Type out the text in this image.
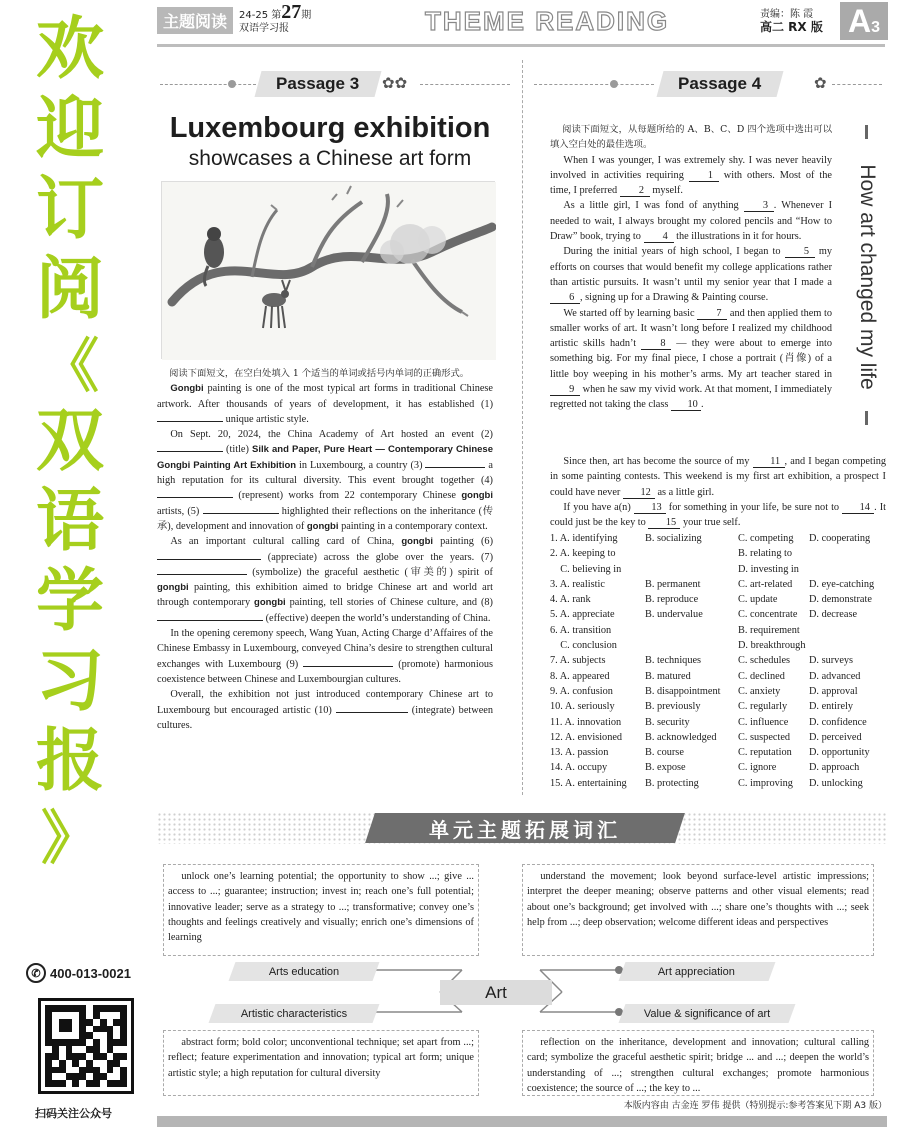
欢
迎
订
阅
《
双
语
学
习
报
》
✆ 400-013-0021
扫码关注公众号
主题阅读	24-25 第27期
双语学习报	THEME READING	责编：陈 霞
高二 RX 版 A 3
Passage 3 ✿✿	Passage 4	✿
Luxembourg exhibition
showcases a Chinese art form

阅读下面短文，在空白处填入 1 个适当的单词或括号内单词的正确形式。

Gongbi painting is one of the most typical art forms in traditional Chinese artwork. After thousands of years of development, it has established (1)  unique artistic style.

On Sept. 20, 2024, the China Academy of Art hosted an event (2)  (title) Silk and Paper, Pure Heart — Contemporary Chinese Gongbi Painting Art Exhibition in Luxembourg, a country (3)	a high reputation for its cultural diversity. This event brought together (4)  (represent) works from 22 contemporary Chinese gongbi artists, (5)	highlighted their reflections on the inheritance (传承), development and innovation of gongbi painting in a contemporary context.

As an important cultural calling card of China, gongbi painting (6)  (appreciate) across the globe over the years. (7)  (symbolize) the graceful aesthetic (审美的) spirit of gongbi painting, this exhibition aimed to bridge Chinese art and world art through contemporary gongbi painting, tell stories of Chinese culture, and (8)  (effective) deepen the world’s understanding of China.

In the opening ceremony speech, Wang Yuan, Acting Charge d’Affaires of the Chinese Embassy in Luxembourg, conveyed China’s desire to strengthen cultural exchanges with Luxembourg (9)	(promote) harmonious coexistence between Chinese and Luxembourgian cultures.

Overall, the exhibition not just introduced contemporary Chinese art to Luxembourg but encouraged artistic (10)	(integrate) between cultures.

How art changed my life

阅读下面短文，从每题所给的 A、B、C、D 四个选项中选出可以填入空白处的最佳选项。

When I was younger, I was extremely shy. I was never heavily involved in activities requiring 1 with others. Most of the time, I preferred 2 myself.

As a little girl, I was fond of anything 3 . Whenever I needed to wait, I always brought my colored pencils and “How to Draw” book, trying to 4 the illustrations in it for hours.

During the initial years of high school, I began to 5 my efforts on courses that would benefit my college applications rather than artistic pursuits. It wasn’t until my senior year that I made a 6 , signing up for a Drawing & Painting course.

We started off by learning basic 7 and then applied them to smaller works of art. It wasn’t long before I realized my childhood artistic skills hadn’t 8 — they were about to emerge into something big. For my final piece, I chose a portrait (肖像) of a little boy weeping in his mother’s arms. My art teacher stared in 9 when he saw my vivid work. At that moment, I immediately regretted not taking the class 10 .

Since then, art has become the source of my 11 , and I began competing in some painting contests. This weekend is my first art exhibition, a prospect I could have never 12 as a little girl.

If you have a(n) 13 for something in your life, be sure not to 14 . It could just be the key to 15 your true self.

1. A. identifying	B. socializing	C. competing	D. cooperating
2. A. keeping to	B. relating to
C. believing in	D. investing in
3. A. realistic	B. permanent	C. art-related	D. eye-catching
4. A. rank	B. reproduce	C. update	D. demonstrate
5. A. appreciate	B. undervalue	C. concentrate	D. decrease
6. A. transition	B. requirement
C. conclusion	D. breakthrough
7. A. subjects	B. techniques	C. schedules	D. surveys
8. A. appeared	B. matured	C. declined	D. advanced
9. A. confusion	B. disappointment	C. anxiety	D. approval
10. A. seriously	B. previously	C. regularly	D. entirely
11. A. innovation	B. security	C. influence	D. confidence
12. A. envisioned	B. acknowledged	C. suspected	D. perceived
13. A. passion	B. course	C. reputation	D. opportunity
14. A. occupy	B. expose	C. ignore	D. approach
15. A. entertaining	B. protecting	C. improving	D. unlocking
单元主题拓展词汇

unlock one’s learning potential; the opportunity to show ...; give ... access to ...; guarantee; instruction; invest in; reach one’s full potential; innovative leader; serve as a strategy to ...; transformative; convey one’s thoughts and feelings creatively and visually; enrich one’s dimensions of learning

understand the movement; look beyond surface-level artistic impressions; interpret the deeper meaning; observe patterns and other visual elements; read about one’s background; get involved with ...; share one’s thoughts with ...; seek help from ...; deep observation; welcome different ideas and perspectives

Arts education	Art appreciation
Art
Artistic characteristics	Value & significance of art

abstract form; bold color; unconventional technique; set apart from ...; reflect; feature experimentation and innovation; typical art form; unique artistic style; a high reputation for cultural diversity

reflection on the inheritance, development and innovation; cultural calling card; symbolize the graceful aesthetic spirit; bridge ... and ...; deepen the world’s understanding of ...; strengthen cultural exchanges; promote harmonious coexistence; the source of ...; the key to ...

本版内容由 古金连 罗伟 提供（特别提示:参考答案见下期 A3 版）
